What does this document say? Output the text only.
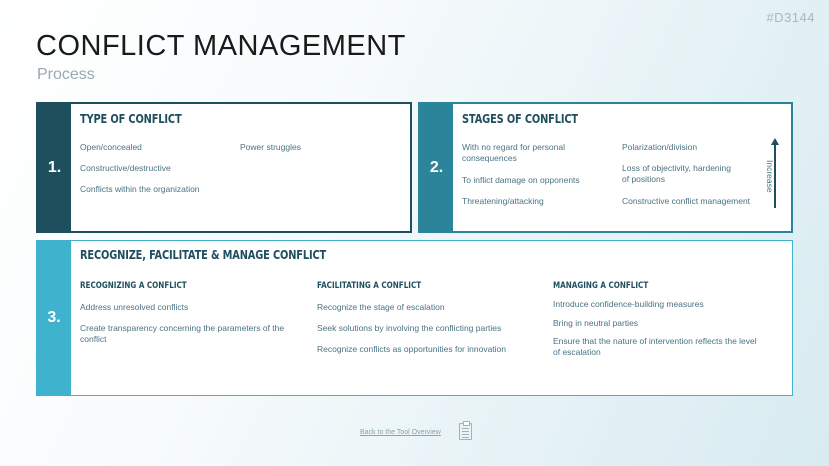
#D3144
CONFLICT MANAGEMENT
Process
1.
TYPE OF CONFLICT
Open/concealed
Constructive/destructive
Conflicts within the organization
Power struggles
2.
STAGES OF CONFLICT
With no regard for personal consequences
To inflict damage on opponents
Threatening/attacking
Polarization/division
Loss of objectivity, hardening of positions
Constructive conflict management
Increase
3.
RECOGNIZE, FACILITATE & MANAGE CONFLICT
RECOGNIZING A CONFLICT
Address unresolved conflicts
Create transparency concerning the parameters of the conflict
FACILITATING A CONFLICT
Recognize the stage of escalation
Seek solutions by involving the conflicting parties
Recognize conflicts as opportunities for innovation
MANAGING A CONFLICT
Introduce confidence-building measures
Bring in neutral parties
Ensure that the nature of intervention reflects the level of escalation
Back to the Tool Overview
